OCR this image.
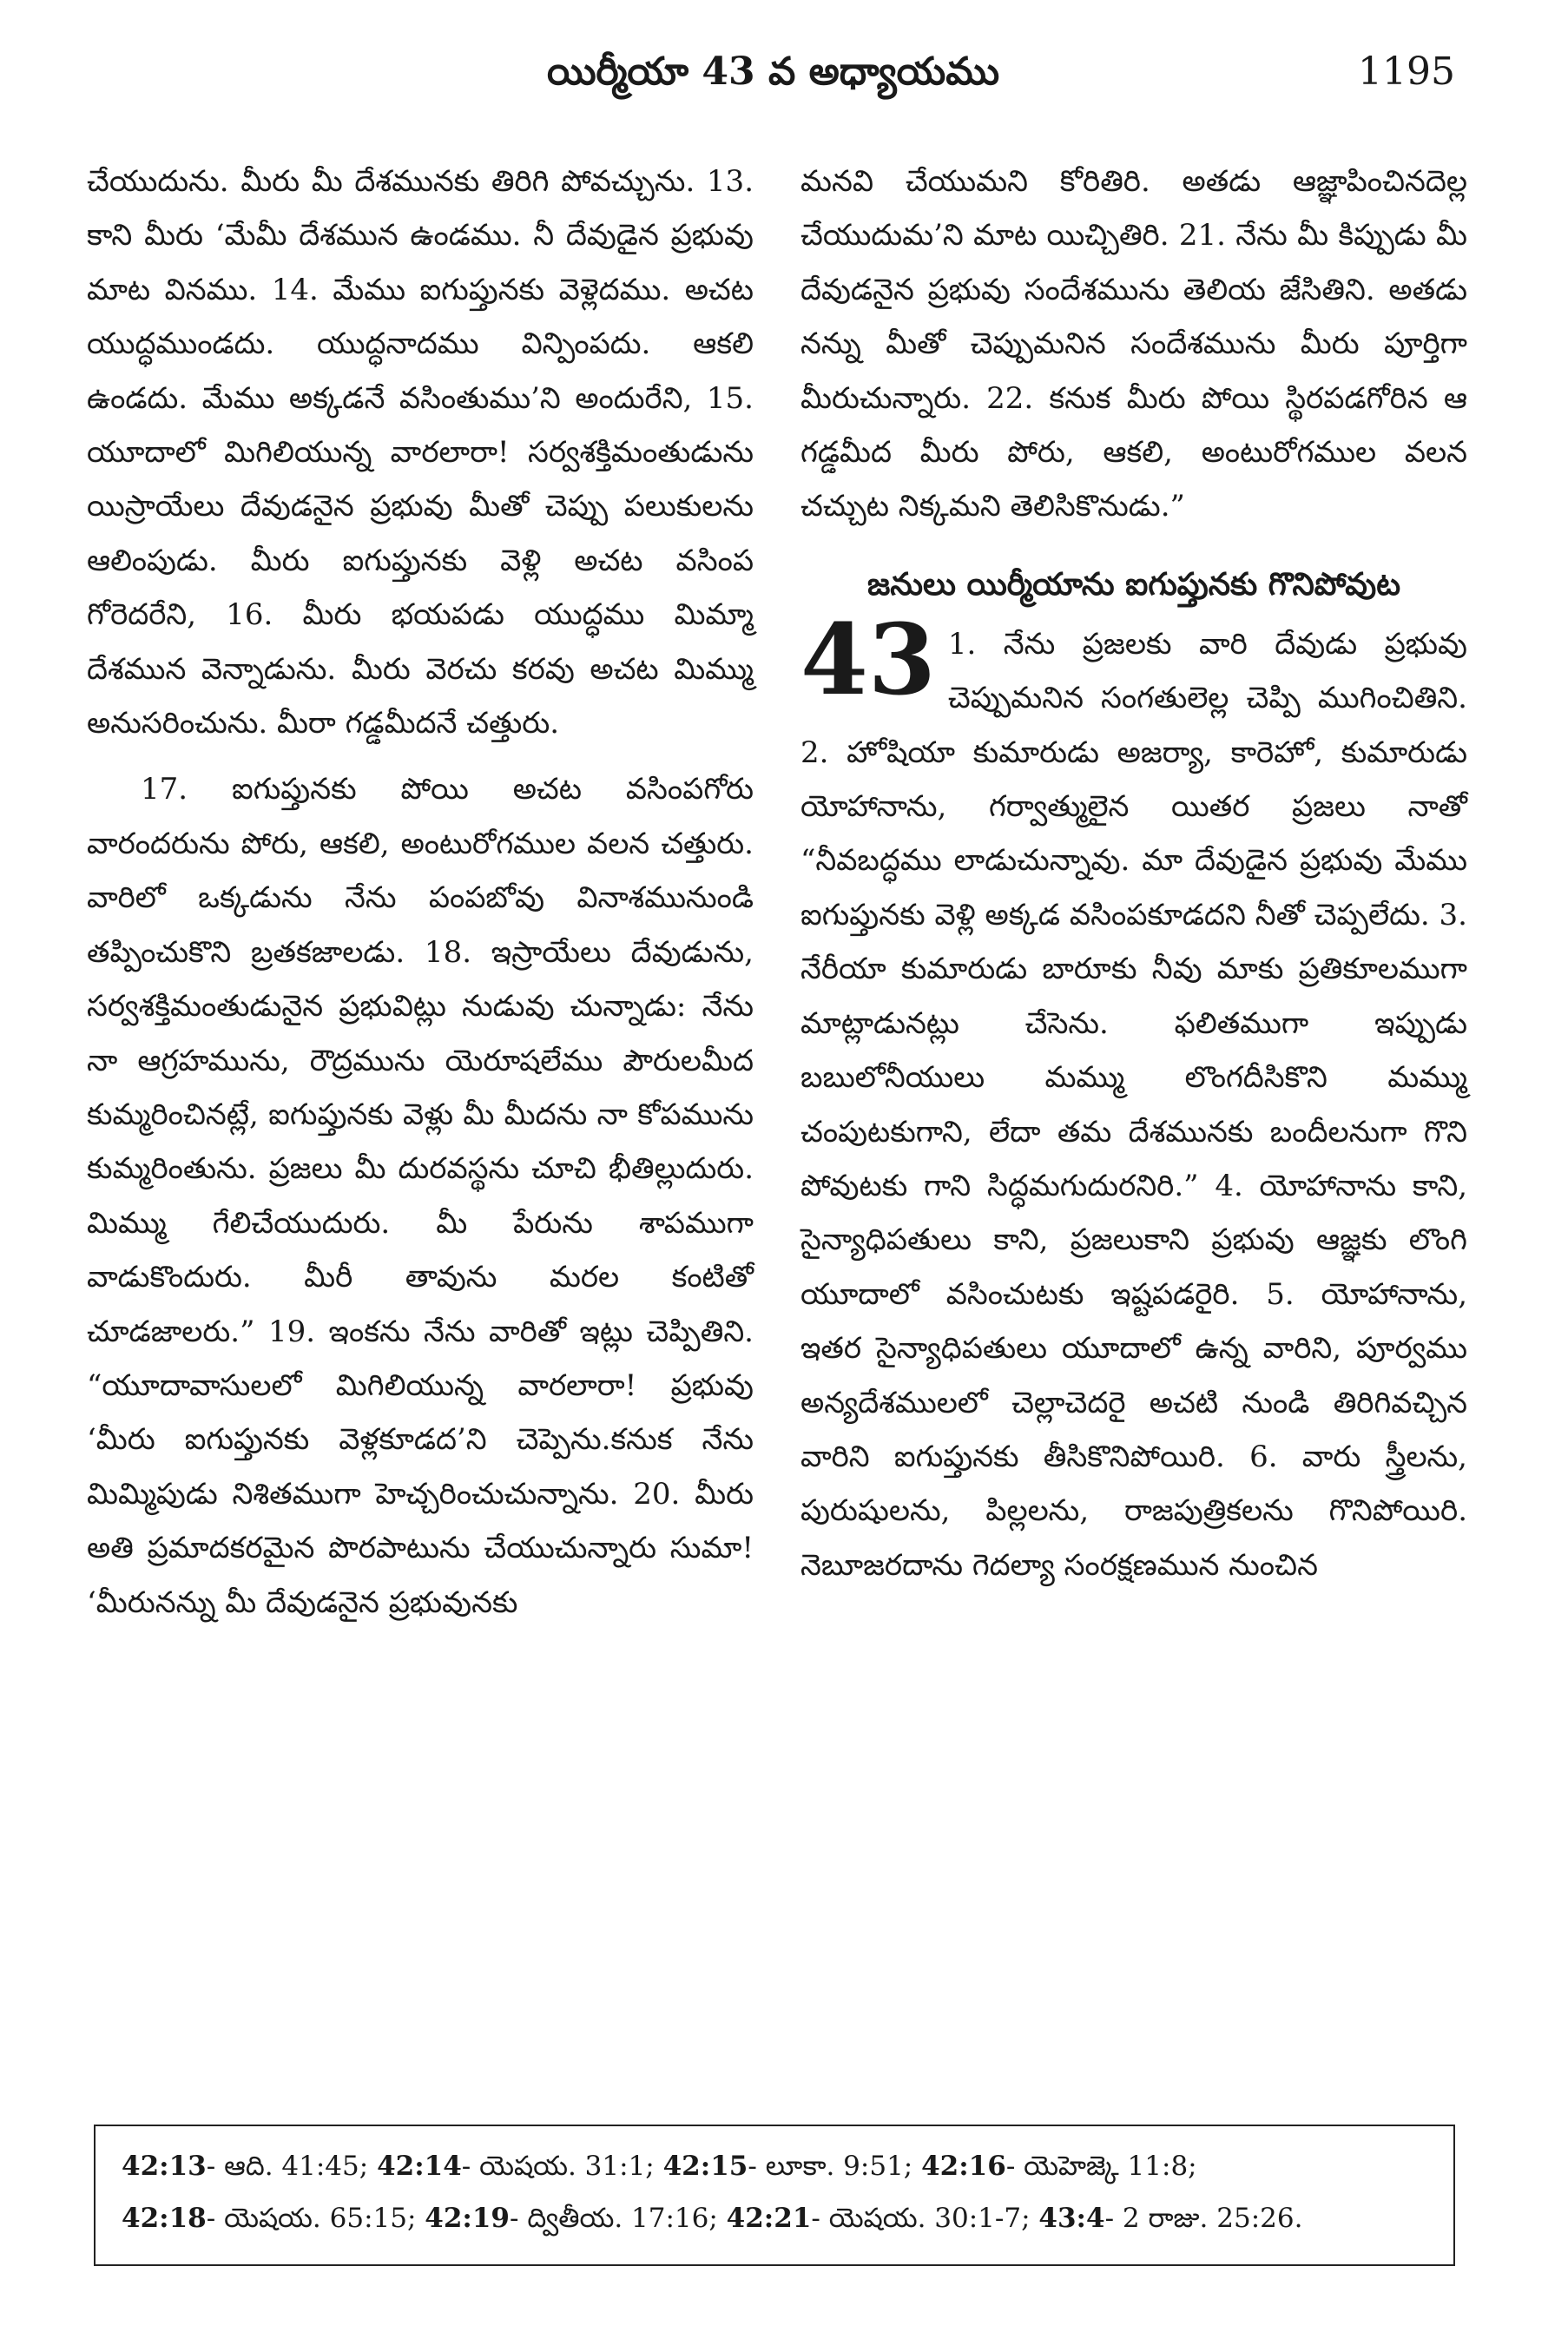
యిర్మీయా 43 వ అధ్యాయము	1195

చేయుదును. మీరు మీ దేశమునకు తిరిగి పోవచ్చును. 13. కాని మీరు ‘మేమీ దేశమున ఉండము. నీ దేవుడైన ప్రభువు మాట వినము. 14. మేము ఐగుప్తునకు వెళ్లెదము. అచట యుద్ధముండదు. యుద్ధనాదము విన్పింపదు. ఆకలి ఉండదు. మేము అక్కడనే వసింతుము’ని అందురేని, 15. యూదాలో మిగిలియున్న వారలారా! సర్వశక్తిమంతుడును యిస్రాయేలు దేవుడనైన ప్రభువు మీతో చెప్పు పలుకులను ఆలింపుడు. మీరు ఐగుప్తునకు వెళ్లి అచట వసింప గోరెదరేని, 16. మీరు భయపడు యుద్ధము మిమ్మా దేశమున వెన్నాడును. మీరు వెరచు కరవు అచట మిమ్ము అనుసరించును. మీరా గడ్డమీదనే చత్తురు.

17. ఐగుప్తునకు పోయి అచట వసింపగోరు వారందరును పోరు, ఆకలి, అంటురోగముల వలన చత్తురు. వారిలో ఒక్కడును నేను పంపబోవు వినాశమునుండి తప్పించుకొని బ్రతకజాలడు. 18. ఇస్రాయేలు దేవుడును, సర్వశక్తిమంతుడునైన ప్రభువిట్లు నుడువు చున్నాడు: నేను నా ఆగ్రహమును, రౌద్రమును యెరూషలేము పౌరులమీద కుమ్మరించినట్లే, ఐగుప్తునకు వెళ్లు మీ మీదను నా కోపమును కుమ్మరింతును. ప్రజలు మీ దురవస్థను చూచి భీతిల్లుదురు. మిమ్ము గేలిచేయుదురు. మీ పేరును శాపముగా వాడుకొందురు. మీరీ తావును మరల కంటితో చూడజాలరు.” 19. ఇంకను నేను వారితో ఇట్లు చెప్పితిని. “యూదావాసులలో మిగిలియున్న వారలారా! ప్రభువు ‘మీరు ఐగుప్తునకు వెళ్లకూడద’ని చెప్పెను.కనుక నేను మిమ్మిపుడు నిశితముగా హెచ్చరించుచున్నాను. 20. మీరు అతి ప్రమాదకరమైన పొరపాటును చేయుచున్నారు సుమా! ‘మీరునన్ను మీ దేవుడనైన ప్రభువునకు

మనవి చేయుమని కోరితిరి. అతడు ఆజ్ఞాపించినదెల్ల చేయుదుమ’ని మాట యిచ్చితిరి. 21. నేను మీ కిప్పుడు మీ దేవుడనైన ప్రభువు సందేశమును తెలియ జేసితిని. అతడు నన్ను మీతో చెప్పుమనిన సందేశమును మీరు పూర్తిగా మీరుచున్నారు. 22. కనుక మీరు పోయి స్థిరపడగోరిన ఆ గడ్డమీద మీరు పోరు, ఆకలి, అంటురోగముల వలన చచ్చుట నిక్కమని తెలిసికొనుడు.”

జనులు యిర్మీయాను ఐగుప్తునకు గొనిపోవుట
43 1. నేను ప్రజలకు వారి దేవుడు ప్రభువు చెప్పుమనిన సంగతులెల్ల చెప్పి ముగించితిని. 2. హోషియా కుమారుడు అజర్యా, కారెహో, కుమారుడు యోహానాను, గర్వాత్ములైన యితర ప్రజలు నాతో “నీవబద్ధము లాడుచున్నావు. మా దేవుడైన ప్రభువు మేము ఐగుప్తునకు వెళ్లి అక్కడ వసింపకూడదని నీతో చెప్పలేదు. 3. నేరీయా కుమారుడు బారూకు నీవు మాకు ప్రతికూలముగా మాట్లాడునట్లు చేసెను. ఫలితముగా ఇప్పుడు బబులోనీయులు మమ్ము లొంగదీసికొని మమ్ము చంపుటకుగాని, లేదా తమ దేశమునకు బందీలనుగా గొని పోవుటకు గాని సిద్ధమగుదురనిరి.” 4. యోహానాను కాని, సైన్యాధిపతులు కాని, ప్రజలుకాని ప్రభువు ఆజ్ఞకు లొంగి యూదాలో వసించుటకు ఇష్టపడరైరి. 5. యోహానాను, ఇతర సైన్యాధిపతులు యూదాలో ఉన్న వారిని, పూర్వము అన్యదేశములలో చెల్లాచెదరై అచటి నుండి తిరిగివచ్చిన వారిని ఐగుప్తునకు తీసికొనిపోయిరి. 6. వారు స్త్రీలను, పురుషులను, పిల్లలను, రాజపుత్రికలను గొనిపోయిరి. నెబూజరదాను గెదల్యా సంరక్షణమున నుంచిన
42:13- ఆది. 41:45; 42:14- యెషయ. 31:1; 42:15- లూకా. 9:51; 42:16- యెహెజ్కె 11:8; 42:18- యెషయ. 65:15; 42:19- ద్వితీయ. 17:16; 42:21- యెషయ. 30:1-7; 43:4- 2 రాజు. 25:26.
